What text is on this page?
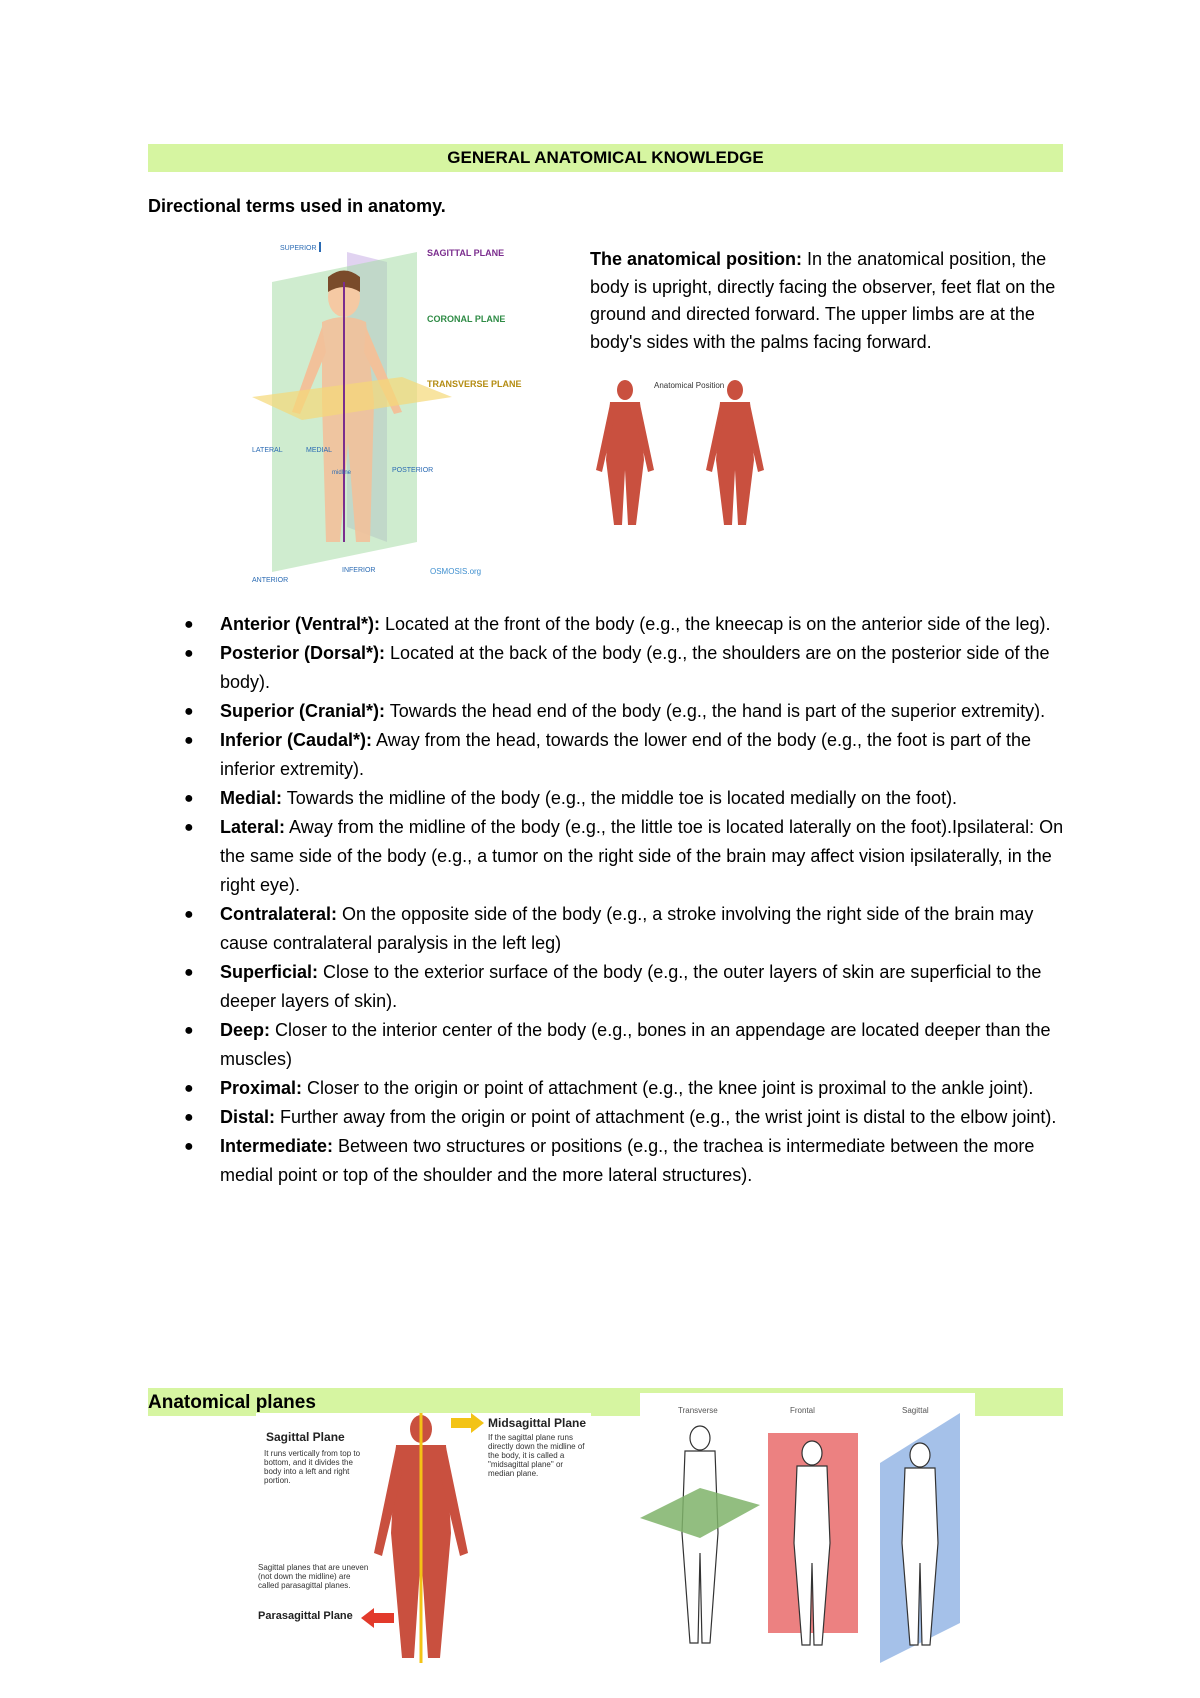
GENERAL ANATOMICAL KNOWLEDGE
Directional terms used in anatomy.
SUPERIOR	SAGITTAL PLANE
CORONAL PLANE
TRANSVERSE PLANE
LATERAL	MEDIAL
midline	POSTERIOR
ANTERIOR
INFERIOR	OSMOSIS.org
The anatomical position: In the anatomical position, the body is upright, directly facing the observer, feet flat on the ground and directed forward. The upper limbs are at the body's sides with the palms facing forward.
Anatomical Position
● Anterior (Ventral*): Located at the front of the body (e.g., the kneecap is on the anterior side of the leg).
● Posterior (Dorsal*): Located at the back of the body (e.g., the shoulders are on the posterior side of the body).
● Superior (Cranial*): Towards the head end of the body (e.g., the hand is part of the superior extremity).
● Inferior (Caudal*): Away from the head, towards the lower end of the body (e.g., the foot is part of the inferior extremity).
● Medial: Towards the midline of the body (e.g., the middle toe is located medially on the foot).
● Lateral: Away from the midline of the body (e.g., the little toe is located laterally on the foot).Ipsilateral: On the same side of the body (e.g., a tumor on the right side of the brain may affect vision ipsilaterally, in the right eye).
● Contralateral: On the opposite side of the body (e.g., a stroke involving the right side of the brain may cause contralateral paralysis in the left leg)
● Superficial: Close to the exterior surface of the body (e.g., the outer layers of skin are superficial to the deeper layers of skin).
● Deep: Closer to the interior center of the body (e.g., bones in an appendage are located deeper than the muscles)
● Proximal: Closer to the origin or point of attachment (e.g., the knee joint is proximal to the ankle joint).
● Distal: Further away from the origin or point of attachment (e.g., the wrist joint is distal to the elbow joint).
● Intermediate: Between two structures or positions (e.g., the trachea is intermediate between the more medial point or top of the shoulder and the more lateral structures).
Anatomical planes
Sagittal Plane
It runs vertically from top to bottom, and it divides the body into a left and right portion.
Midsagittal Plane
If the sagittal plane runs directly down the midline of the body, it is called a "midsagittal plane" or median plane.
Sagittal planes that are uneven (not down the midline) are called parasagittal planes.
Parasagittal Plane
Transverse	Frontal	Sagittal
